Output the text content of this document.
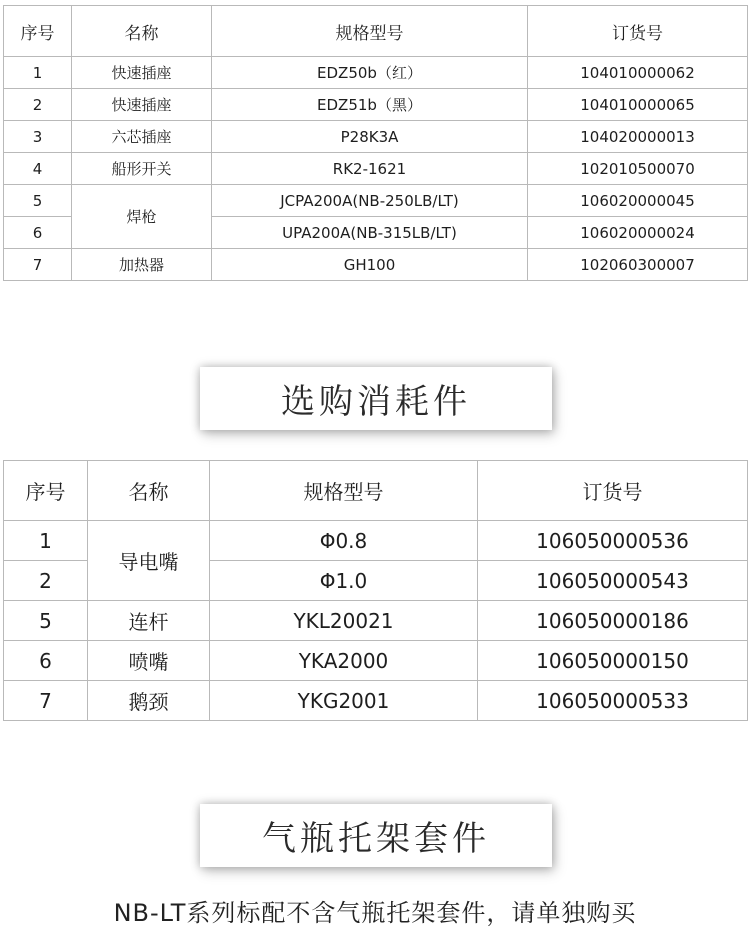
序号	名称	规格型号	订货号
1	快速插座	EDZ50b（红）	104010000062
2	快速插座	EDZ51b（黑）	104010000065
3	六芯插座	P28K3A	104020000013
4	船形开关	RK2-1621	102010500070
5	焊枪	JCPA200A(NB-250LB/LT)	106020000045
6		UPA200A(NB-315LB/LT)	106020000024
7	加热器	GH100	102060300007
选购消耗件
序号	名称	规格型号	订货号
1	导电嘴	Φ0.8	106050000536
2		Φ1.0	106050000543
5	连杆	YKL20021	106050000186
6	喷嘴	YKA2000	106050000150
7	鹅颈	YKG2001	106050000533
气瓶托架套件
NB-LT系列标配不含气瓶托架套件，请单独购买
